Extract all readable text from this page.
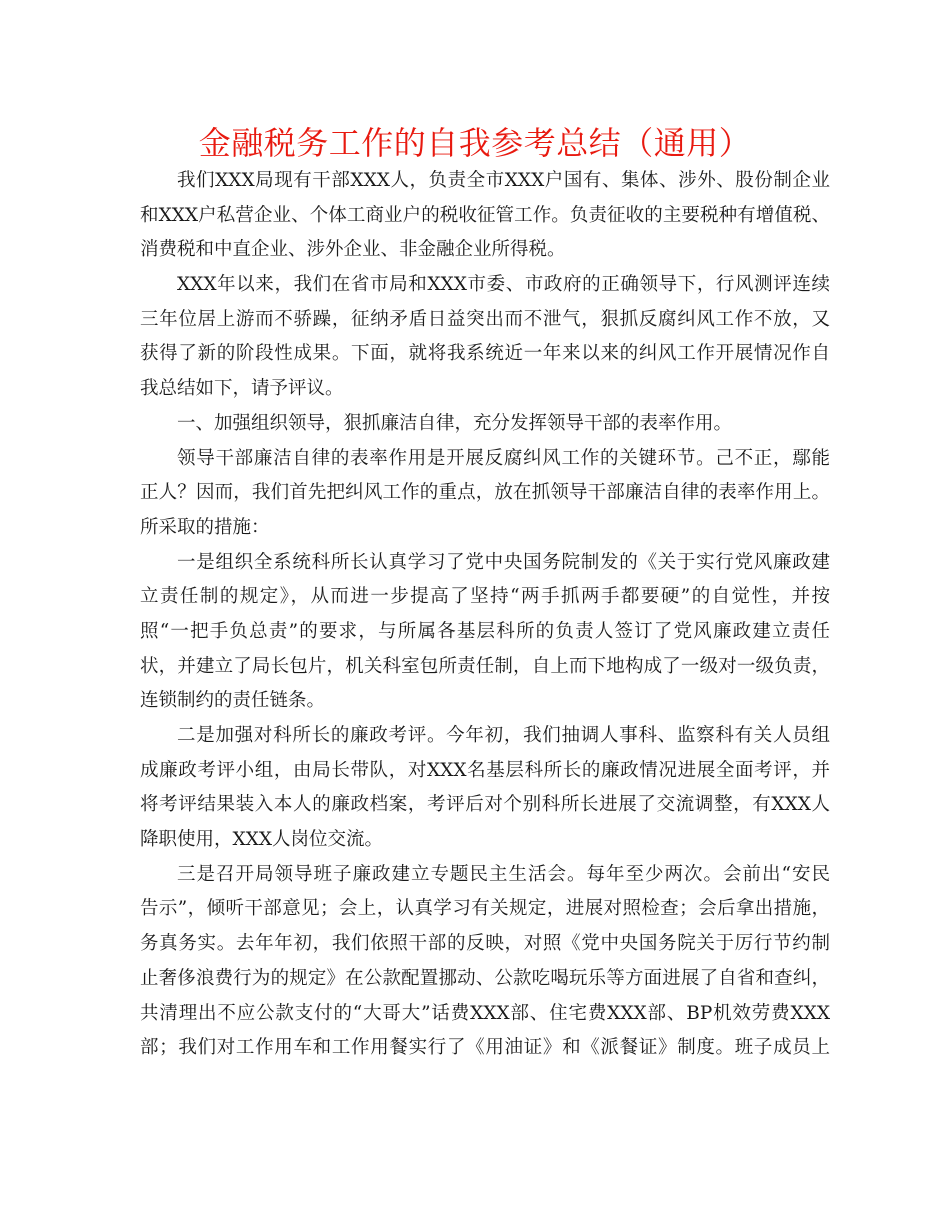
金融税务工作的自我参考总结（通用）
我们XXX局现有干部XXX人，负责全市XXX户国有、集体、涉外、股份制企业
和XXX户私营企业、个体工商业户的税收征管工作。负责征收的主要税种有增值税、
消费税和中直企业、涉外企业、非金融企业所得税。
XXX年以来，我们在省市局和XXX市委、市政府的正确领导下，行风测评连续
三年位居上游而不骄躁，征纳矛盾日益突出而不泄气，狠抓反腐纠风工作不放，又
获得了新的阶段性成果。下面，就将我系统近一年来以来的纠风工作开展情况作自
我总结如下，请予评议。
一、加强组织领导，狠抓廉洁自律，充分发挥领导干部的表率作用。
领导干部廉洁自律的表率作用是开展反腐纠风工作的关键环节。己不正，鄢能
正人？因而，我们首先把纠风工作的重点，放在抓领导干部廉洁自律的表率作用上。
所采取的措施：
一是组织全系统科所长认真学习了党中央国务院制发的《关于实行党风廉政建
立责任制的规定》，从而进一步提高了坚持“两手抓两手都要硬”的自觉性，并按
照“一把手负总责”的要求，与所属各基层科所的负责人签订了党风廉政建立责任
状，并建立了局长包片，机关科室包所责任制，自上而下地构成了一级对一级负责，
连锁制约的责任链条。
二是加强对科所长的廉政考评。今年初，我们抽调人事科、监察科有关人员组
成廉政考评小组，由局长带队，对XXX名基层科所长的廉政情况进展全面考评，并
将考评结果装入本人的廉政档案，考评后对个别科所长进展了交流调整，有XXX人
降职使用，XXX人岗位交流。
三是召开局领导班子廉政建立专题民主生活会。每年至少两次。会前出“安民
告示”，倾听干部意见；会上，认真学习有关规定，进展对照检查；会后拿出措施，
务真务实。去年年初，我们依照干部的反映，对照《党中央国务院关于厉行节约制
止奢侈浪费行为的规定》在公款配置挪动、公款吃喝玩乐等方面进展了自省和查纠，
共清理出不应公款支付的“大哥大”话费XXX部、住宅费XXX部、BP机效劳费XXX
部；我们对工作用车和工作用餐实行了《用油证》和《派餐证》制度。班子成员上
